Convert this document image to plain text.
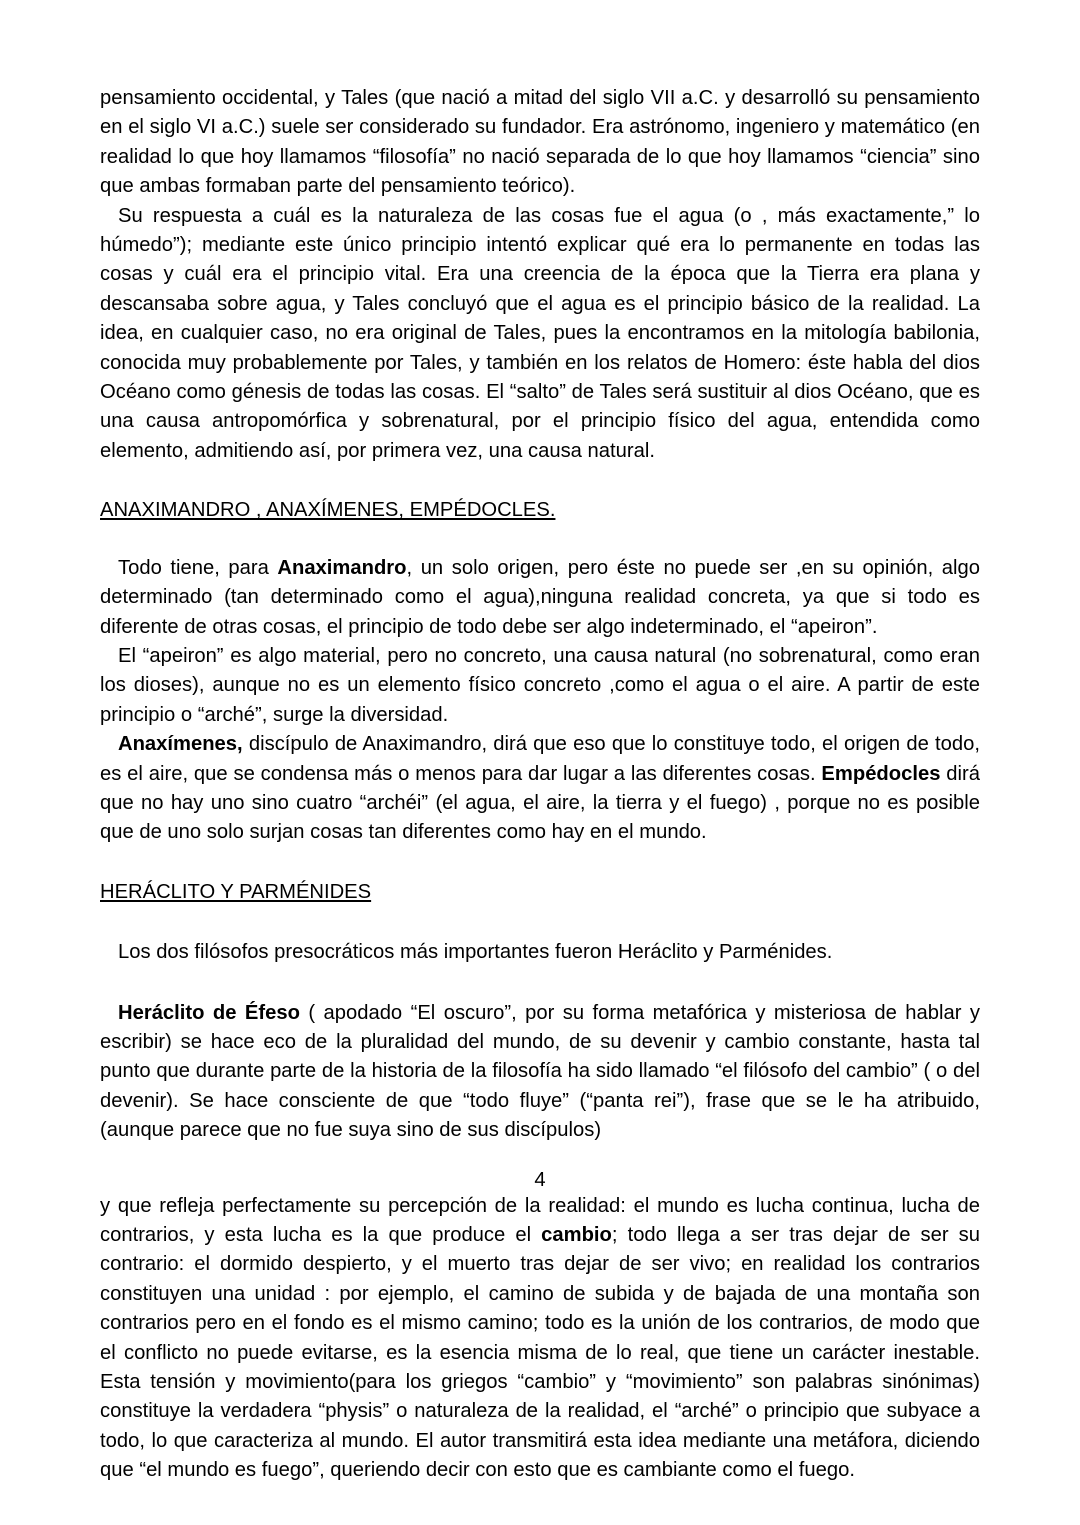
pensamiento occidental, y Tales (que nació a mitad del siglo VII a.C. y desarrolló su pensamiento en el siglo VI a.C.) suele ser considerado su fundador. Era astrónomo, ingeniero y matemático (en realidad lo que hoy llamamos “filosofía” no nació separada de lo que hoy llamamos “ciencia” sino que ambas formaban parte del pensamiento teórico).

Su respuesta a cuál es la naturaleza de las cosas fue el agua (o , más exactamente,” lo húmedo”); mediante este único principio intentó explicar qué era lo permanente en todas las cosas y cuál era el principio vital. Era una creencia de la época que la Tierra era plana y descansaba sobre agua, y Tales concluyó que el agua es el principio básico de la realidad. La idea, en cualquier caso, no era original de Tales, pues la encontramos en la mitología babilonia, conocida muy probablemente por Tales, y también en los relatos de Homero: éste habla del dios Océano como génesis de todas las cosas. El “salto” de Tales será sustituir al dios Océano, que es una causa antropomórfica y sobrenatural, por el principio físico del agua, entendida como elemento, admitiendo así, por primera vez, una causa natural.

ANAXIMANDRO , ANAXÍMENES, EMPÉDOCLES.

Todo tiene, para Anaximandro, un solo origen, pero éste no puede ser ,en su opinión, algo determinado (tan determinado como el agua),ninguna realidad concreta, ya que si todo es diferente de otras cosas, el principio de todo debe ser algo indeterminado, el “apeiron”.

El “apeiron” es algo material, pero no concreto, una causa natural (no sobrenatural, como eran los dioses), aunque no es un elemento físico concreto ,como el agua o el aire. A partir de este principio o “arché”, surge la diversidad.

Anaxímenes, discípulo de Anaximandro, dirá que eso que lo constituye todo, el origen de todo, es el aire, que se condensa más o menos para dar lugar a las diferentes cosas. Empédocles dirá que no hay uno sino cuatro “archéi” (el agua, el aire, la tierra y el fuego) , porque no es posible que de uno solo surjan cosas tan diferentes como hay en el mundo.

HERÁCLITO Y PARMÉNIDES

Los dos filósofos presocráticos más importantes fueron Heráclito y Parménides.

Heráclito de Éfeso ( apodado “El oscuro”, por su forma metafórica y misteriosa de hablar y escribir) se hace eco de la pluralidad del mundo, de su devenir y cambio constante, hasta tal punto que durante parte de la historia de la filosofía ha sido llamado “el filósofo del cambio” ( o del devenir). Se hace consciente de que “todo fluye” (“panta rei”), frase que se le ha atribuido, (aunque parece que no fue suya sino de sus discípulos)

4

y que refleja perfectamente su percepción de la realidad: el mundo es lucha continua, lucha de contrarios, y esta lucha es la que produce el cambio; todo llega a ser tras dejar de ser su contrario: el dormido despierto, y el muerto tras dejar de ser vivo; en realidad los contrarios constituyen una unidad : por ejemplo, el camino de subida y de bajada de una montaña son contrarios pero en el fondo es el mismo camino; todo es la unión de los contrarios, de modo que el conflicto no puede evitarse, es la esencia misma de lo real, que tiene un carácter inestable. Esta tensión y movimiento(para los griegos “cambio” y “movimiento” son palabras sinónimas) constituye la verdadera “physis” o naturaleza de la realidad, el “arché” o principio que subyace a todo, lo que caracteriza al mundo. El autor transmitirá esta idea mediante una metáfora, diciendo que “el mundo es fuego”, queriendo decir con esto que es cambiante como el fuego.
